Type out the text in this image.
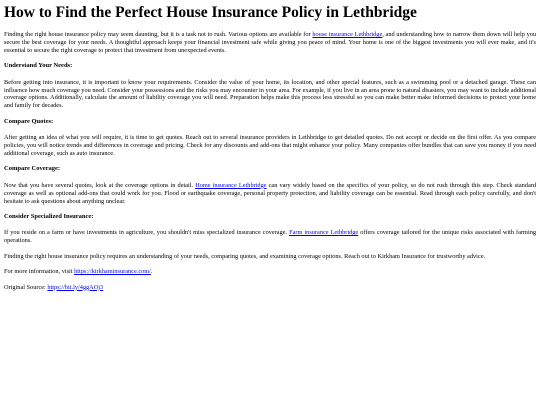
How to Find the Perfect House Insurance Policy in Lethbridge

Finding the right house insurance policy may seem daunting, but it is a task not to rush. Various options are available for house insurance Lethbridge, and understanding how to narrow them down will help you secure the best coverage for your needs. A thoughtful approach keeps your financial investment safe while giving you peace of mind. Your home is one of the biggest investments you will ever make, and it's essential to secure the right coverage to protect that investment from unexpected events.

Understand Your Needs:

Before getting into insurance, it is important to know your requirements. Consider the value of your home, its location, and other special features, such as a swimming pool or a detached garage. These can influence how much coverage you need. Consider your possessions and the risks you may encounter in your area. For example, if you live in an area prone to natural disasters, you may want to include additional coverage options. Additionally, calculate the amount of liability coverage you will need. Preparation helps make this process less stressful so you can make better make informed decisions to protect your home and family for decades.

Compare Quotes:

After getting an idea of what you will require, it is time to get quotes. Reach out to several insurance providers in Lethbridge to get detailed quotes. Do not accept or decide on the first offer. As you compare policies, you will notice trends and differences in coverage and pricing. Check for any discounts and add-ons that might enhance your policy. Many companies offer bundles that can save you money if you need additional coverage, such as auto insurance.

Compare Coverage:

Now that you have several quotes, look at the coverage options in detail. Home insurance Lethbridge can vary widely based on the specifics of your policy, so do not rush through this step. Check standard coverage as well as optional add-ons that could work for you. Flood or earthquake coverage, personal property protection, and liability coverage can be essential. Read through each policy carefully, and don't hesitate to ask questions about anything unclear.

Consider Specialized Insurance:

If you reside on a farm or have investments in agriculture, you shouldn't miss specialized insurance coverage. Farm insurance Lethbridge offers coverage tailored for the unique risks associated with farming operations.

Finding the right house insurance policy requires an understanding of your needs, comparing quotes, and examining coverage options. Reach out to Kirkham Insurance for trustworthy advice.

For more information, visit https://kirkhaminsurance.com/.

Original Source: https://bit.ly/4ggAOj3
